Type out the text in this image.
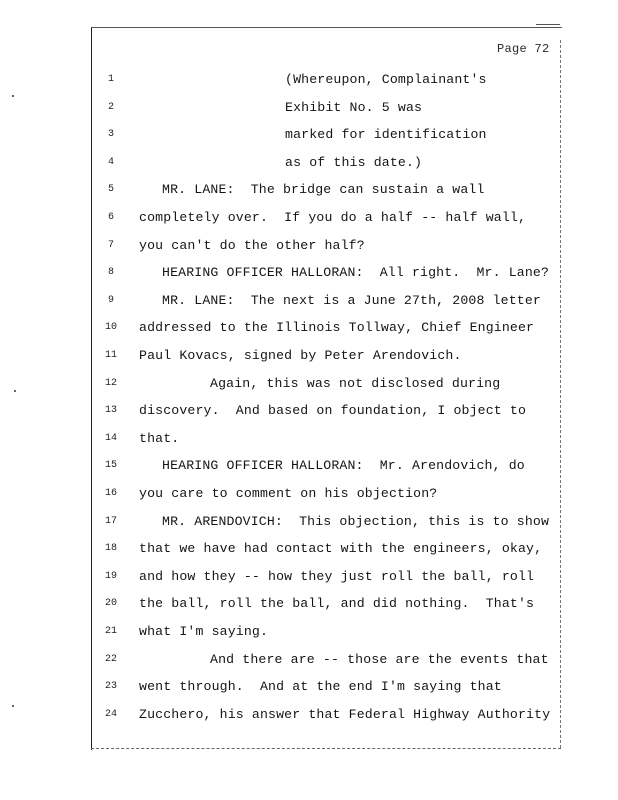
Page 72
1	(Whereupon, Complainant's
2	Exhibit No. 5 was
3	marked for identification
4	as of this date.)
5	MR. LANE:  The bridge can sustain a wall
6	completely over.  If you do a half -- half wall,
7	you can't do the other half?
8	HEARING OFFICER HALLORAN:  All right.  Mr. Lane?
9	MR. LANE:  The next is a June 27th, 2008 letter
10	addressed to the Illinois Tollway, Chief Engineer
11	Paul Kovacs, signed by Peter Arendovich.
12	Again, this was not disclosed during
13	discovery.  And based on foundation, I object to
14	that.
15	HEARING OFFICER HALLORAN:  Mr. Arendovich, do
16	you care to comment on his objection?
17	MR. ARENDOVICH:  This objection, this is to show
18	that we have had contact with the engineers, okay,
19	and how they -- how they just roll the ball, roll
20	the ball, roll the ball, and did nothing.  That's
21	what I'm saying.
22	And there are -- those are the events that
23	went through.  And at the end I'm saying that
24	Zucchero, his answer that Federal Highway Authority
